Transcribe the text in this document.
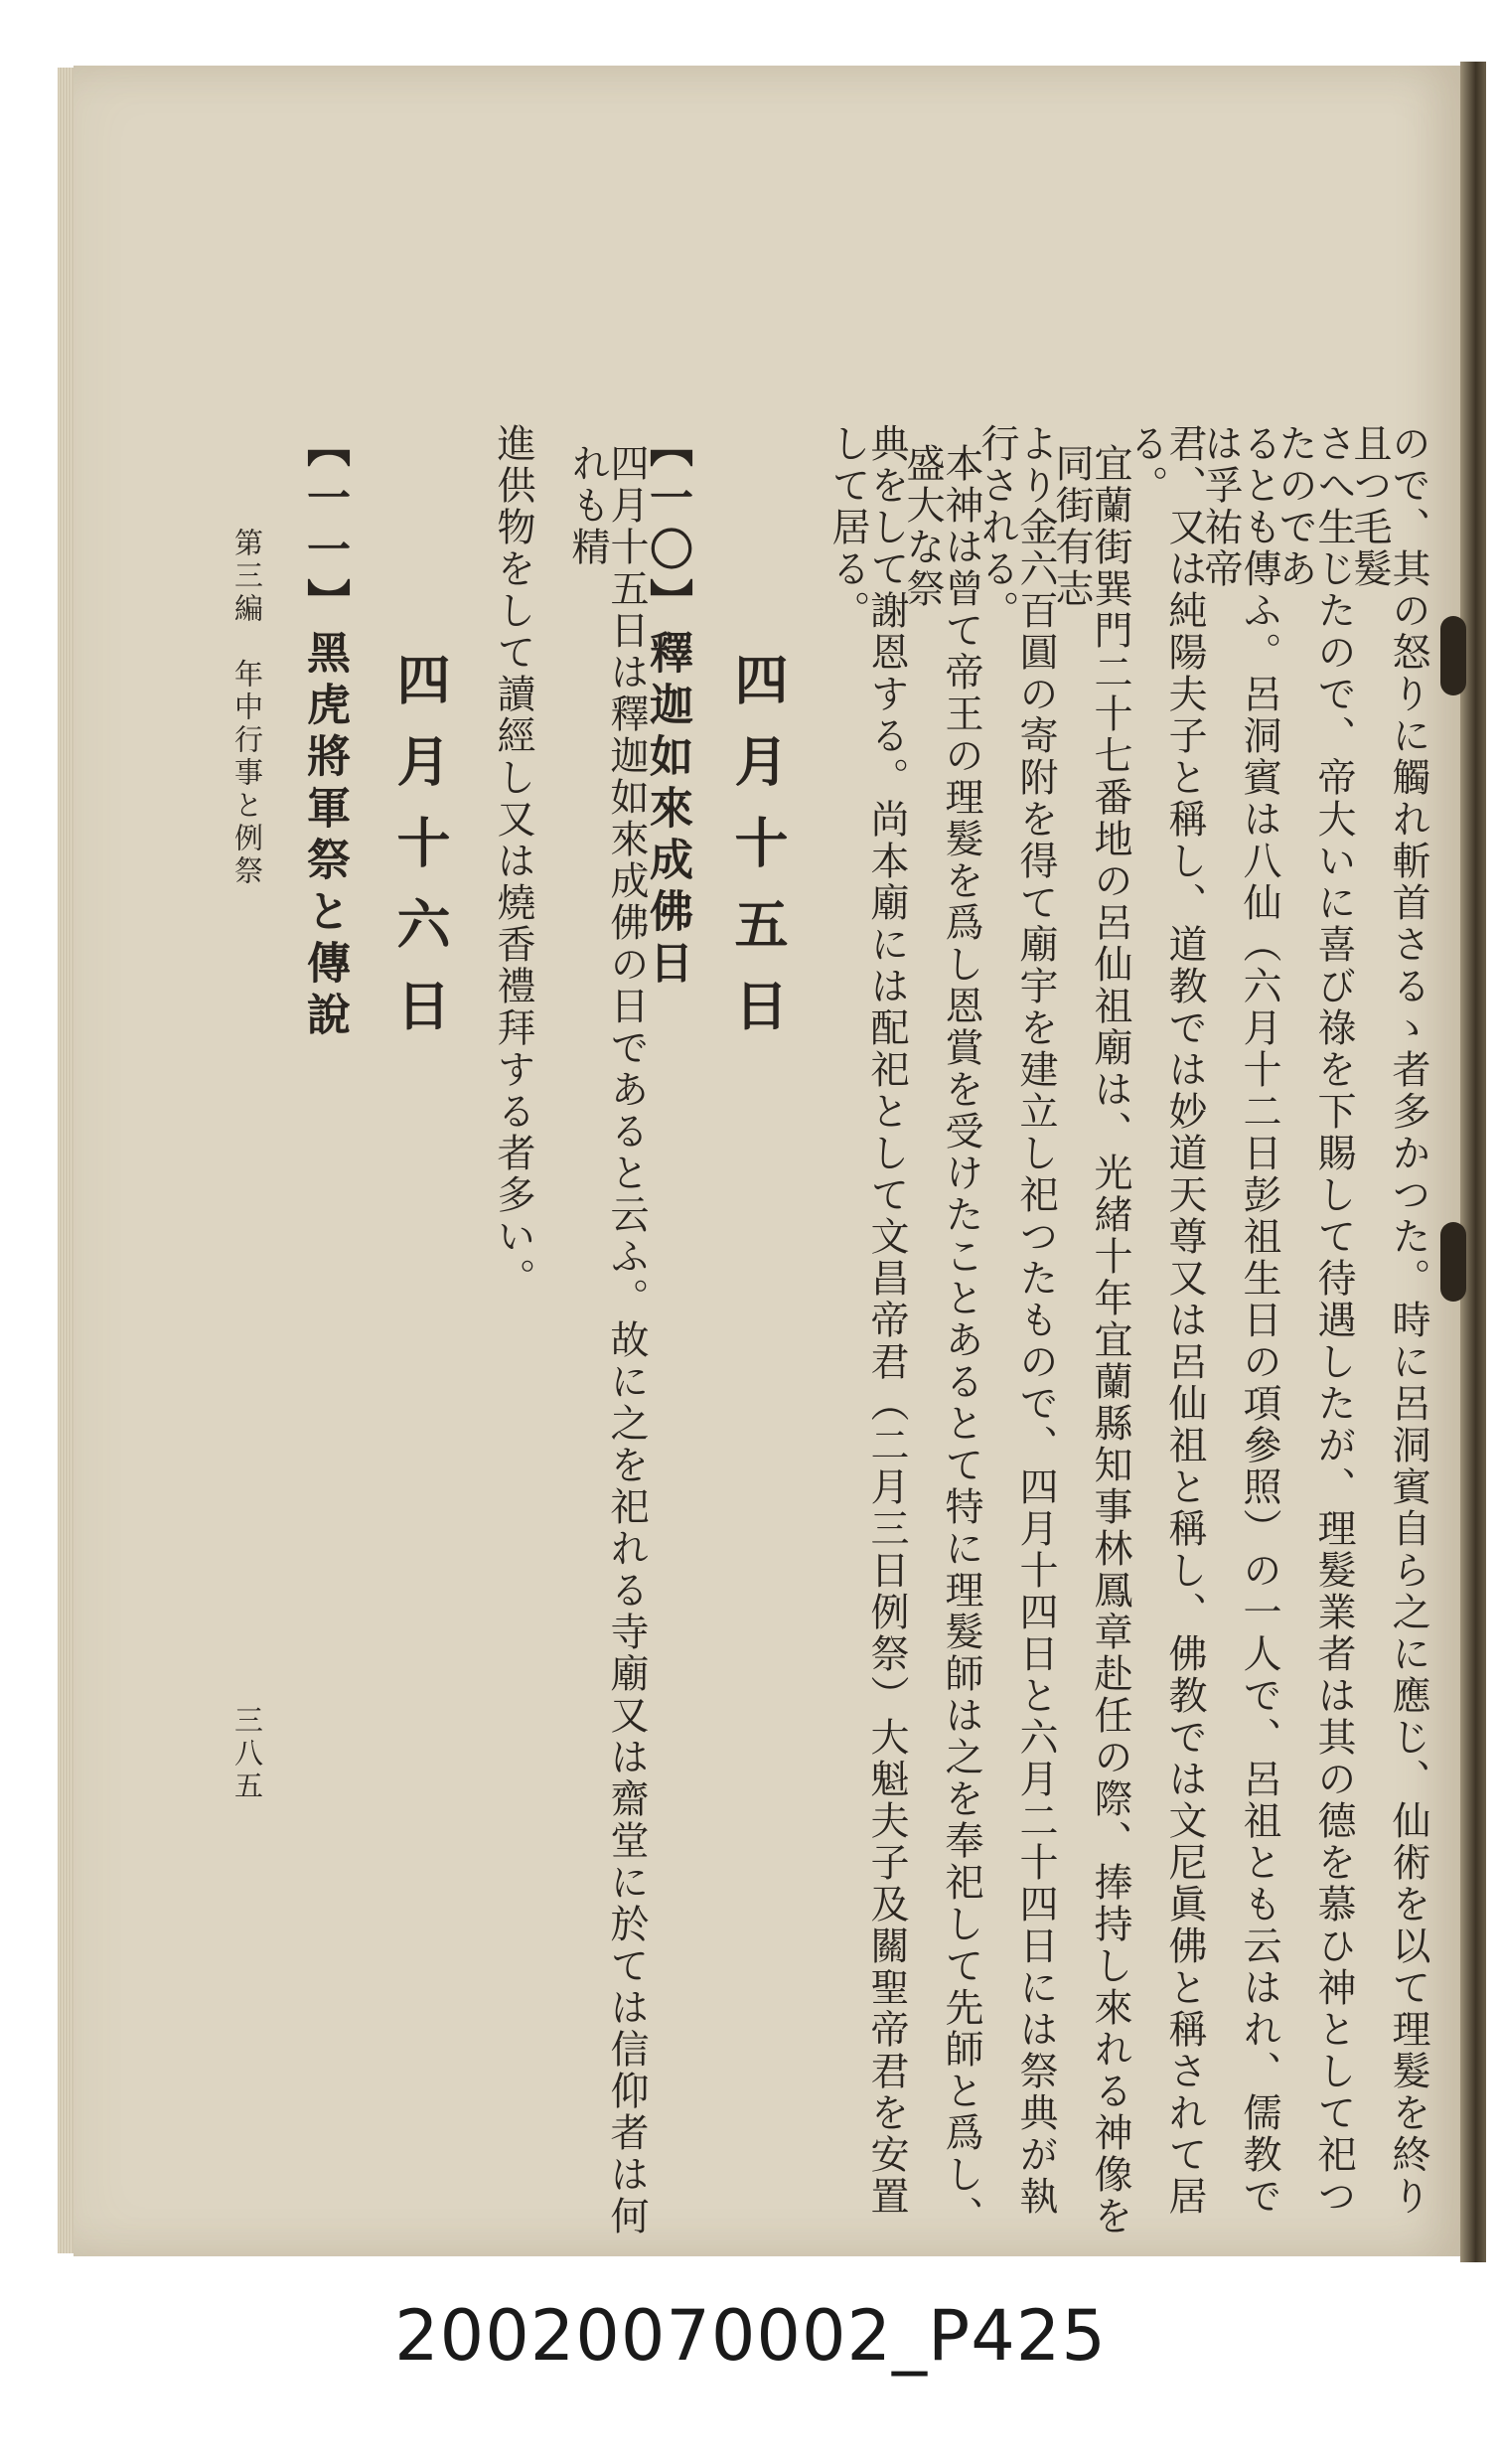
ので、其の怒りに觸れ斬首さるゝ者多かつた。時に呂洞賓自ら之に應じ、仙術を以て理髮を終り且つ毛髮
さへ生じたので、帝大いに喜び祿を下賜して待遇したが、理髮業者は其の德を慕ひ神として祀つたのであ
るとも傳ふ。呂洞賓は八仙（六月十二日彭祖生日の項參照）の一人で、呂祖とも云はれ、儒教では孚祐帝
君、又は純陽夫子と稱し、道教では妙道天尊又は呂仙祖と稱し、佛教では文尼眞佛と稱されて居る。
宜蘭街巽門二十七番地の呂仙祖廟は、光緒十年宜蘭縣知事林鳳章赴任の際、捧持し來れる神像を同街有志
より金六百圓の寄附を得て廟宇を建立し祀つたもので、四月十四日と六月二十四日には祭典が執行される。
本神は曾て帝王の理髮を爲し恩賞を受けたことあるとて特に理髮師は之を奉祀して先師と爲し、盛大な祭
典をして謝恩する。尚本廟には配祀として文昌帝君（二月三日例祭）大魁夫子及關聖帝君を安置して居る。
四月十五日
【一〇】釋迦如來成佛日
四月十五日は釋迦如來成佛の日であると云ふ。故に之を祀れる寺廟又は齋堂に於ては信仰者は何れも精
進供物をして讀經し又は燒香禮拜する者多い。
四月十六日
【一一】黑虎將軍祭と傳說
第三編　年中行事と例祭
三八五
20020070002_P425
